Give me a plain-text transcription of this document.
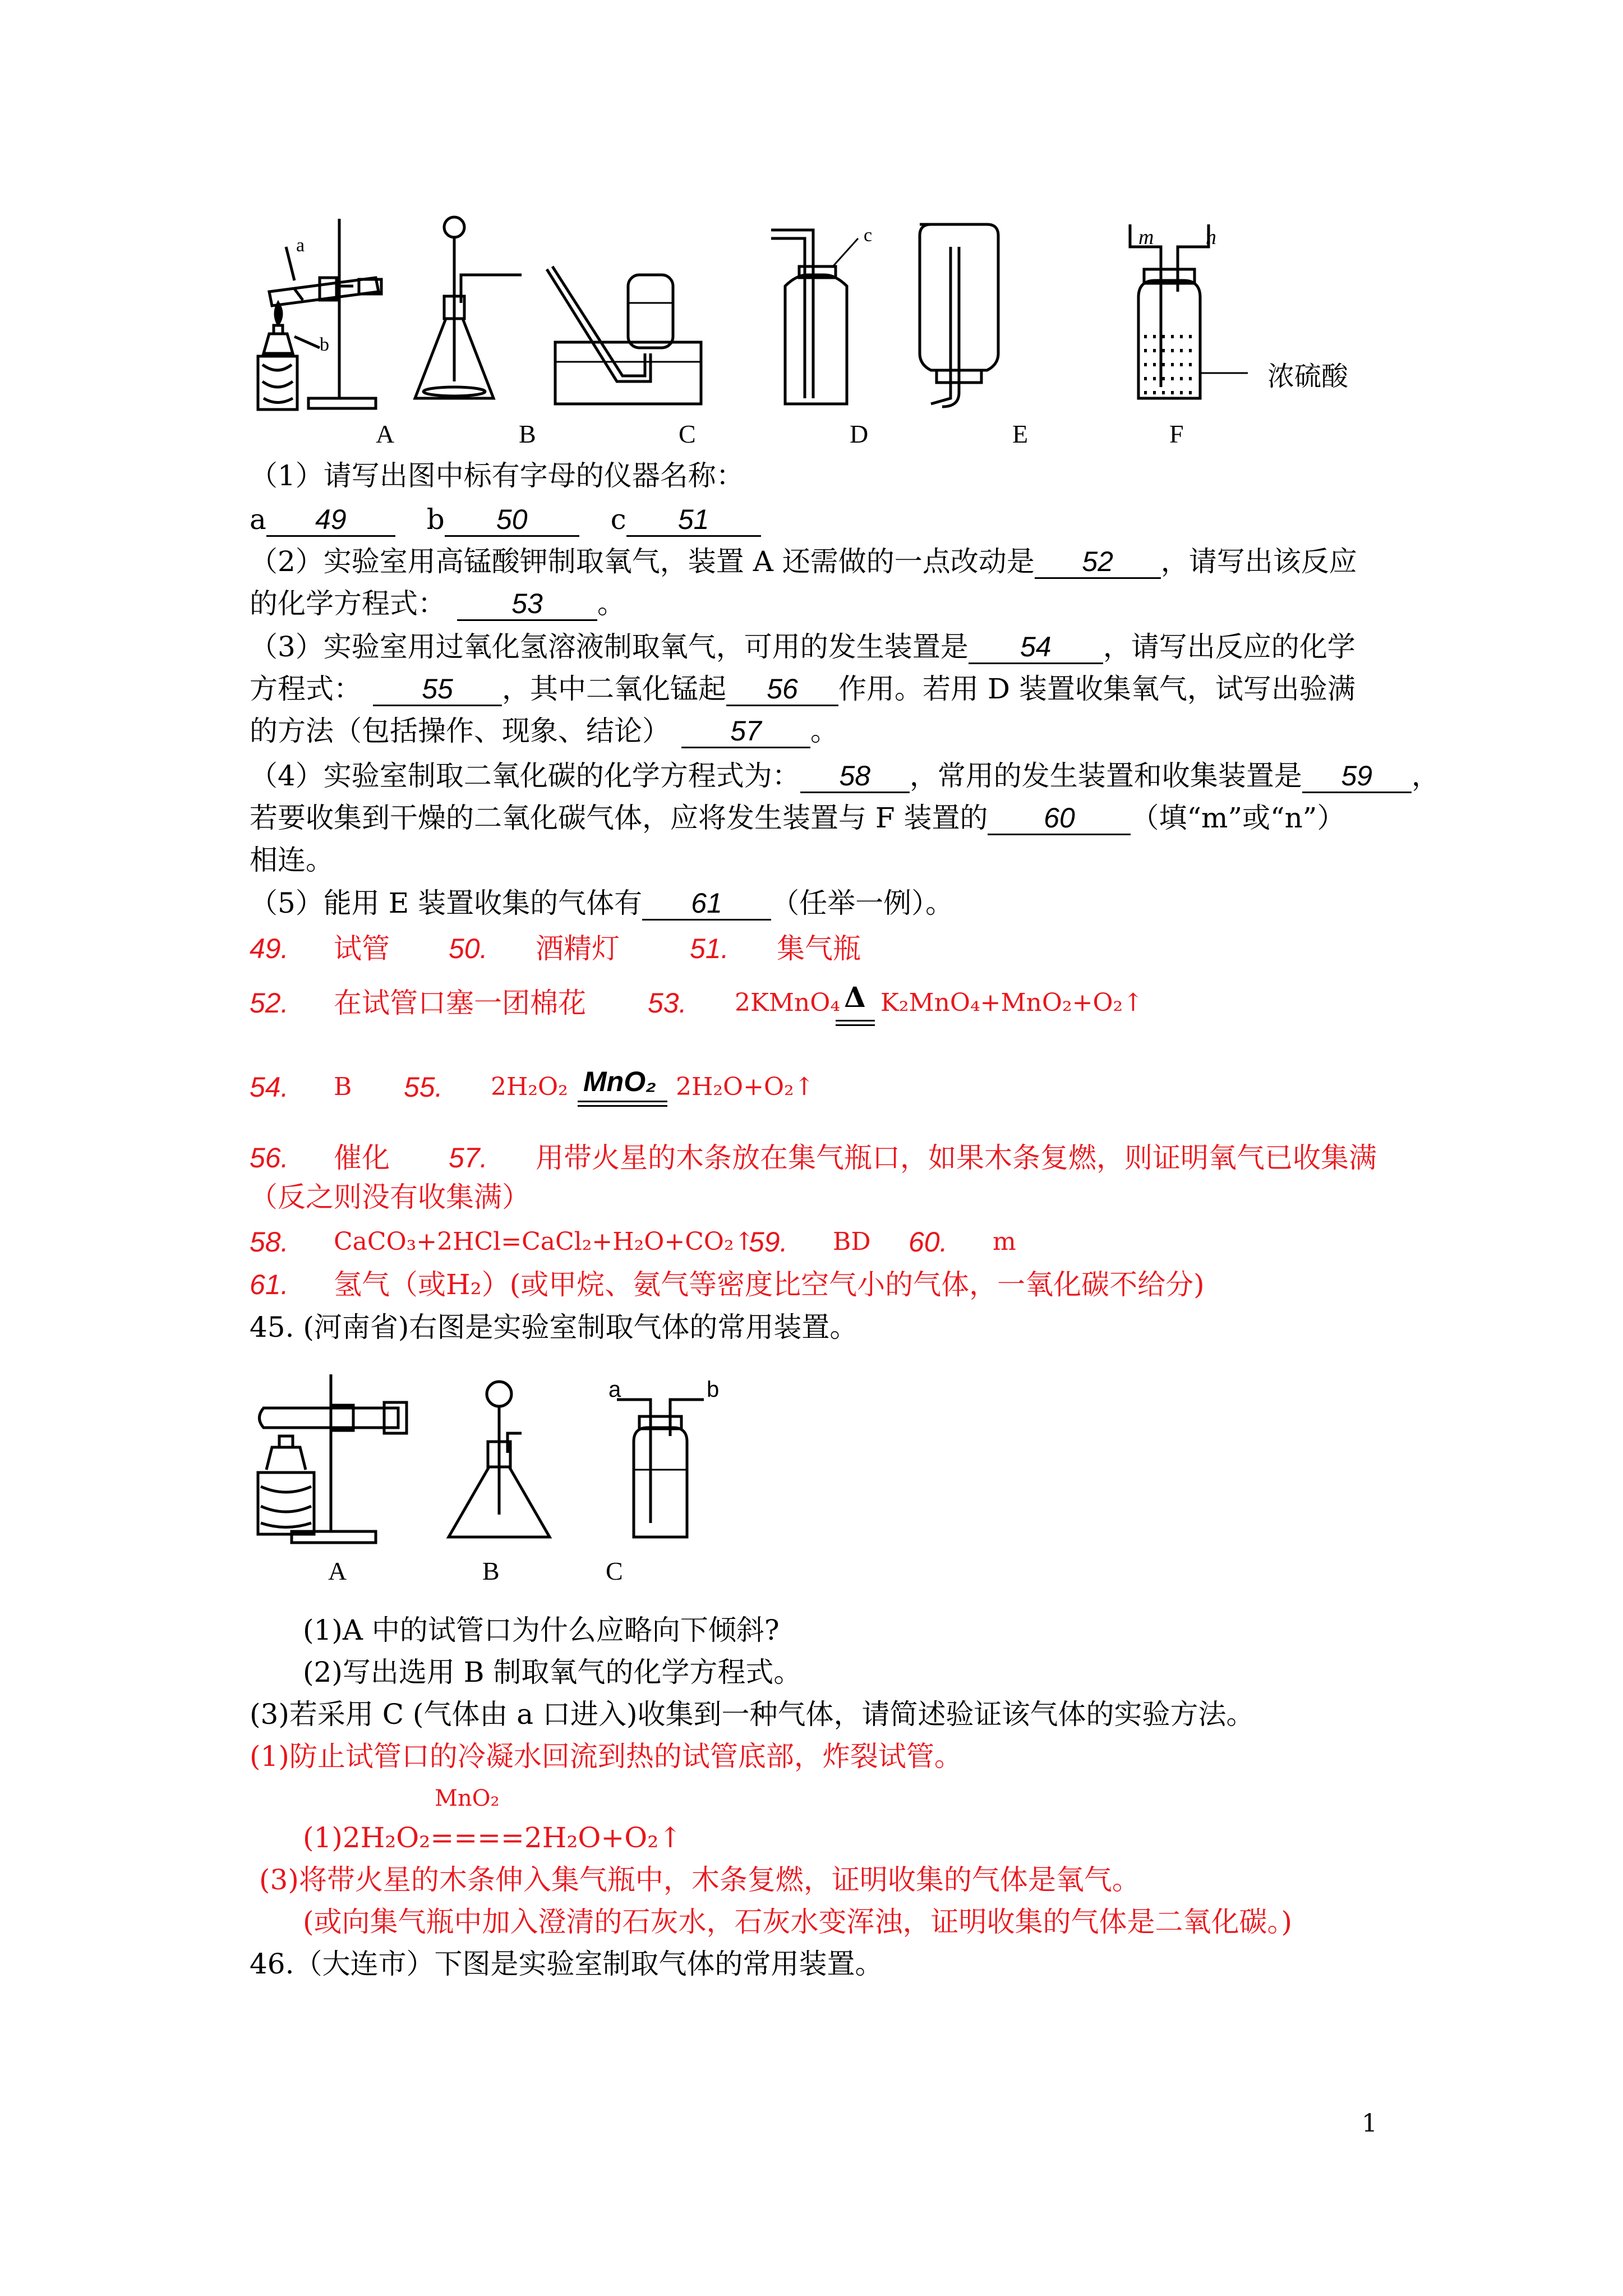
a
b
c	m n
浓硫酸
A	B	C	D	E	F
（1）请写出图中标有字母的仪器名称：
a 49	b 50	c 51
（2）实验室用高锰酸钾制取氧气，装置 A 还需做的一点改动是 52 ，请写出该反应
的化学方程式： 53 。
（3）实验室用过氧化氢溶液制取氧气，可用的发生装置是 54 ，请写出反应的化学
方程式： 55 ，其中二氧化锰起 56 作用。若用 D 装置收集氧气，试写出验满
的方法（包括操作、现象、结论） 57 。
（4）实验室制取二氧化碳的化学方程式为： 58 ，常用的发生装置和收集装置是 59 ，
若要收集到干燥的二氧化碳气体，应将发生装置与 F 装置的 60 （填“m”或“n”）
相连。
（5）能用 E 装置收集的气体有 61 （任举一例）。
49. 试管 50. 酒精灯	51. 集气瓶
52. 在试管口塞一团棉花 53. 2KMnO₄ Δ K₂MnO₄+MnO₂+O₂↑
54. B 55. 2H₂O₂ MnO₂ 2H₂O+O₂↑
56. 催化 57. 用带火星的木条放在集气瓶口，如果木条复燃，则证明氧气已收集满
（反之则没有收集满）
58. CaCO₃+2HCl=CaCl₂+H₂O+CO₂↑
59. BD 60. m
61. 氢气（或H₂）(或甲烷、氨气等密度比空气小的气体，一氧化碳不给分)
45. (河南省)右图是实验室制取气体的常用装置。
a	b
A	B	C
(1)A 中的试管口为什么应略向下倾斜?
(2)写出选用 B 制取氧气的化学方程式。
(3)若采用 C (气体由 a 口进入)收集到一种气体，请简述验证该气体的实验方法。
(1)防止试管口的冷凝水回流到热的试管底部，炸裂试管。
MnO₂
(1)2H₂O₂====2H₂O+O₂↑
(3)将带火星的木条伸入集气瓶中，木条复燃，证明收集的气体是氧气。
(或向集气瓶中加入澄清的石灰水，石灰水变浑浊，证明收集的气体是二氧化碳。)
46.（大连市）下图是实验室制取气体的常用装置。
1
